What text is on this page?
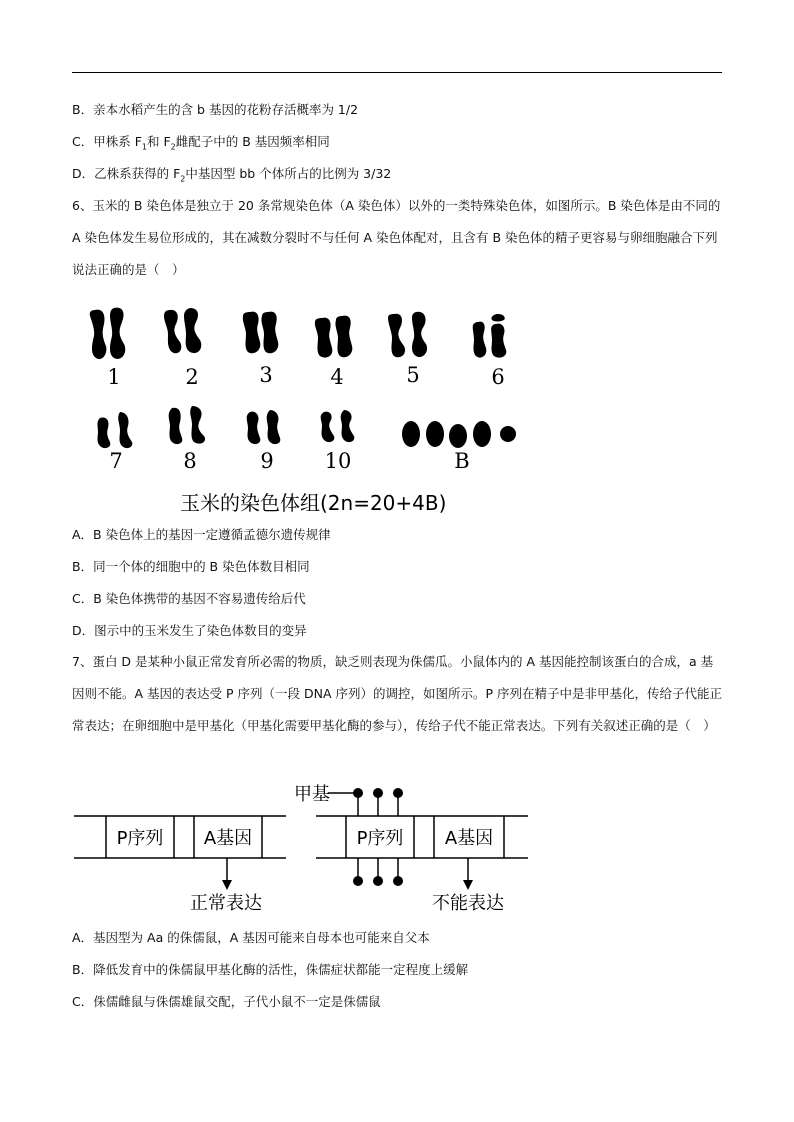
B．亲本水稻产生的含 b 基因的花粉存活概率为 1/2
C．甲株系 $F_1$和 $F_2$雌配子中的 B 基因频率相同
D．乙株系获得的 $F_2$中基因型 bb 个体所占的比例为 3/32
6、玉米的 B 染色体是独立于 20 条常规染色体（A 染色体）以外的一类特殊染色体，如图所示。B 染色体是由不同的 A 染色体发生易位形成的，其在减数分裂时不与任何 A 染色体配对，且含有 B 染色体的精子更容易与卵细胞融合下列说法正确的是（　）
1	2	3	4	5	6
7	8	9 10	B
玉米的染色体组(2n=20+4B)
A．B 染色体上的基因一定遵循孟德尔遗传规律
B．同一个体的细胞中的 B 染色体数目相同
C．B 染色体携带的基因不容易遗传给后代
D．图示中的玉米发生了染色体数目的变异
7、蛋白 D 是某种小鼠正常发育所必需的物质，缺乏则表现为侏儒瓜。小鼠体内的 A 基因能控制该蛋白的合成，a 基因则不能。A 基因的表达受 P 序列（一段 DNA 序列）的调控，如图所示。P 序列在精子中是非甲基化，传给子代能正常表达；在卵细胞中是甲基化（甲基化需要甲基化酶的参与），传给子代不能正常表达。下列有关叙述正确的是（　）
甲基
P序列 A基因	P序列 A基因
正常表达	不能表达
A．基因型为 Aa 的侏儒鼠，A 基因可能来自母本也可能来自父本
B．降低发育中的侏儒鼠甲基化酶的活性，侏儒症状都能一定程度上缓解
C．侏儒雌鼠与侏儒雄鼠交配，子代小鼠不一定是侏儒鼠
